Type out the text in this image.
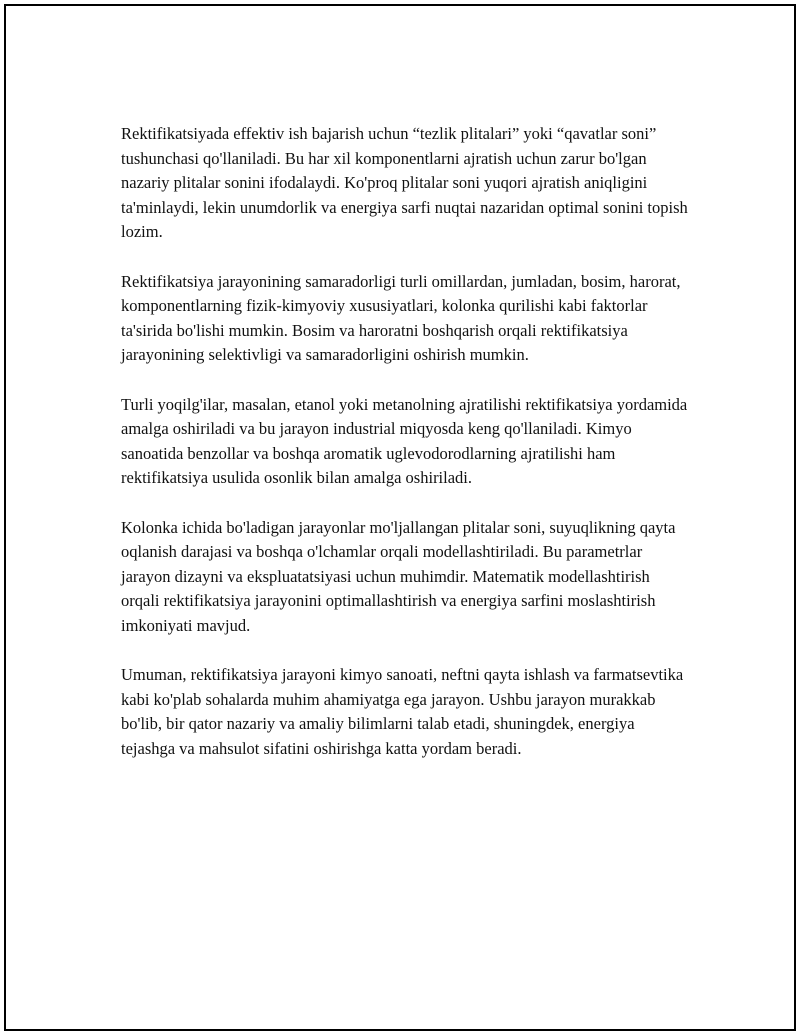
Rektifikatsiyada effektiv ish bajarish uchun “tezlik plitalari” yoki “qavatlar soni” tushunchasi qo'llaniladi. Bu har xil komponentlarni ajratish uchun zarur bo'lgan nazariy plitalar sonini ifodalaydi. Ko'proq plitalar soni yuqori ajratish aniqligini ta'minlaydi, lekin unumdorlik va energiya sarfi nuqtai nazaridan optimal sonini topish lozim.

Rektifikatsiya jarayonining samaradorligi turli omillardan, jumladan, bosim, harorat, komponentlarning fizik-kimyoviy xususiyatlari, kolonka qurilishi kabi faktorlar ta'sirida bo'lishi mumkin. Bosim va haroratni boshqarish orqali rektifikatsiya jarayonining selektivligi va samaradorligini oshirish mumkin.

Turli yoqilg'ilar, masalan, etanol yoki metanolning ajratilishi rektifikatsiya yordamida amalga oshiriladi va bu jarayon industrial miqyosda keng qo'llaniladi. Kimyo sanoatida benzollar va boshqa aromatik uglevodorodlarning ajratilishi ham rektifikatsiya usulida osonlik bilan amalga oshiriladi.

Kolonka ichida bo'ladigan jarayonlar mo'ljallangan plitalar soni, suyuqlikning qayta oqlanish darajasi va boshqa o'lchamlar orqali modellashtiriladi. Bu parametrlar jarayon dizayni va ekspluatatsiyasi uchun muhimdir. Matematik modellashtirish orqali rektifikatsiya jarayonini optimallashtirish va energiya sarfini moslashtirish imkoniyati mavjud.

Umuman, rektifikatsiya jarayoni kimyo sanoati, neftni qayta ishlash va farmatsevtika kabi ko'plab sohalarda muhim ahamiyatga ega jarayon. Ushbu jarayon murakkab bo'lib, bir qator nazariy va amaliy bilimlarni talab etadi, shuningdek, energiya tejashga va mahsulot sifatini oshirishga katta yordam beradi.
